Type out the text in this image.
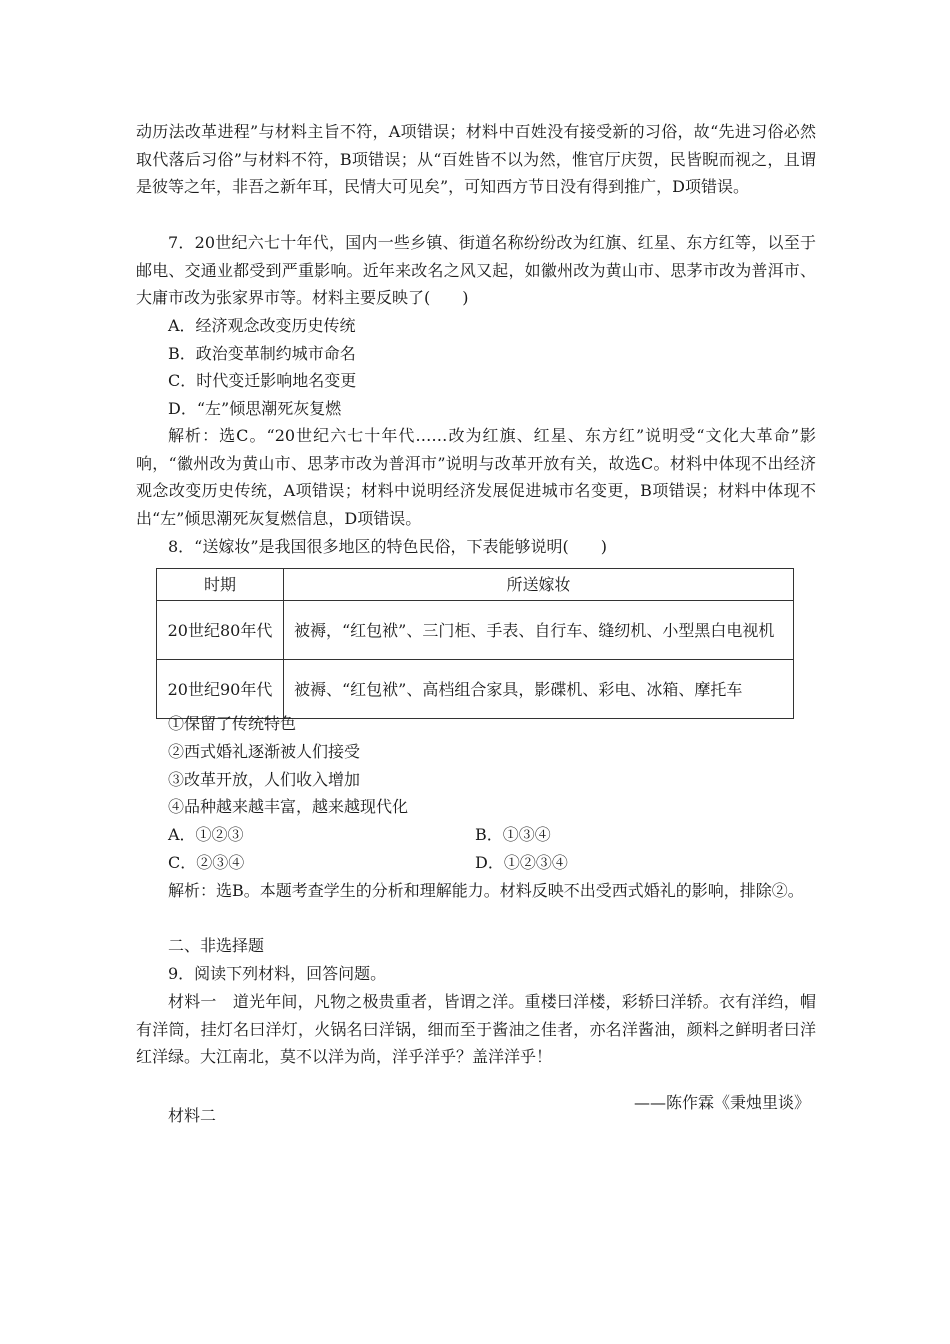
动历法改革进程”与材料主旨不符，A项错误；材料中百姓没有接受新的习俗，故“先进习俗必然取代落后习俗”与材料不符，B项错误；从“百姓皆不以为然，惟官厅庆贺，民皆睨而视之，且谓是彼等之年，非吾之新年耳，民情大可见矣”，可知西方节日没有得到推广，D项错误。

7．20世纪六七十年代，国内一些乡镇、街道名称纷纷改为红旗、红星、东方红等，以至于邮电、交通业都受到严重影响。近年来改名之风又起，如徽州改为黄山市、思茅市改为普洱市、大庸市改为张家界市等。材料主要反映了(　　)

A．经济观念改变历史传统

B．政治变革制约城市命名

C．时代变迁影响地名变更

D．“左”倾思潮死灰复燃

解析：选C。“20世纪六七十年代……改为红旗、红星、东方红”说明受“文化大革命”影响，“徽州改为黄山市、思茅市改为普洱市”说明与改革开放有关，故选C。材料中体现不出经济观念改变历史传统，A项错误；材料中说明经济发展促进城市名变更，B项错误；材料中体现不出“左”倾思潮死灰复燃信息，D项错误。

8．“送嫁妆”是我国很多地区的特色民俗，下表能够说明(　　)

时期	所送嫁妆
20世纪80年代	被褥，“红包袱”、三门柜、手表、自行车、缝纫机、小型黑白电视机
20世纪90年代	被褥、“红包袱”、高档组合家具，影碟机、彩电、冰箱、摩托车

①保留了传统特色

②西式婚礼逐渐被人们接受

③改革开放，人们收入增加

④品种越来越丰富，越来越现代化

A．①②③	B．①③④

C．②③④	D．①②③④

解析：选B。本题考查学生的分析和理解能力。材料反映不出受西式婚礼的影响，排除②。

二、非选择题

9．阅读下列材料，回答问题。

材料一　道光年间，凡物之极贵重者，皆谓之洋。重楼曰洋楼，彩轿曰洋轿。衣有洋绉，帽有洋筒，挂灯名曰洋灯，火锅名曰洋锅，细而至于酱油之佳者，亦名洋酱油，颜料之鲜明者曰洋红洋绿。大江南北，莫不以洋为尚，洋乎洋乎？盖洋洋乎！

——陈作霖《秉烛里谈》

材料二
